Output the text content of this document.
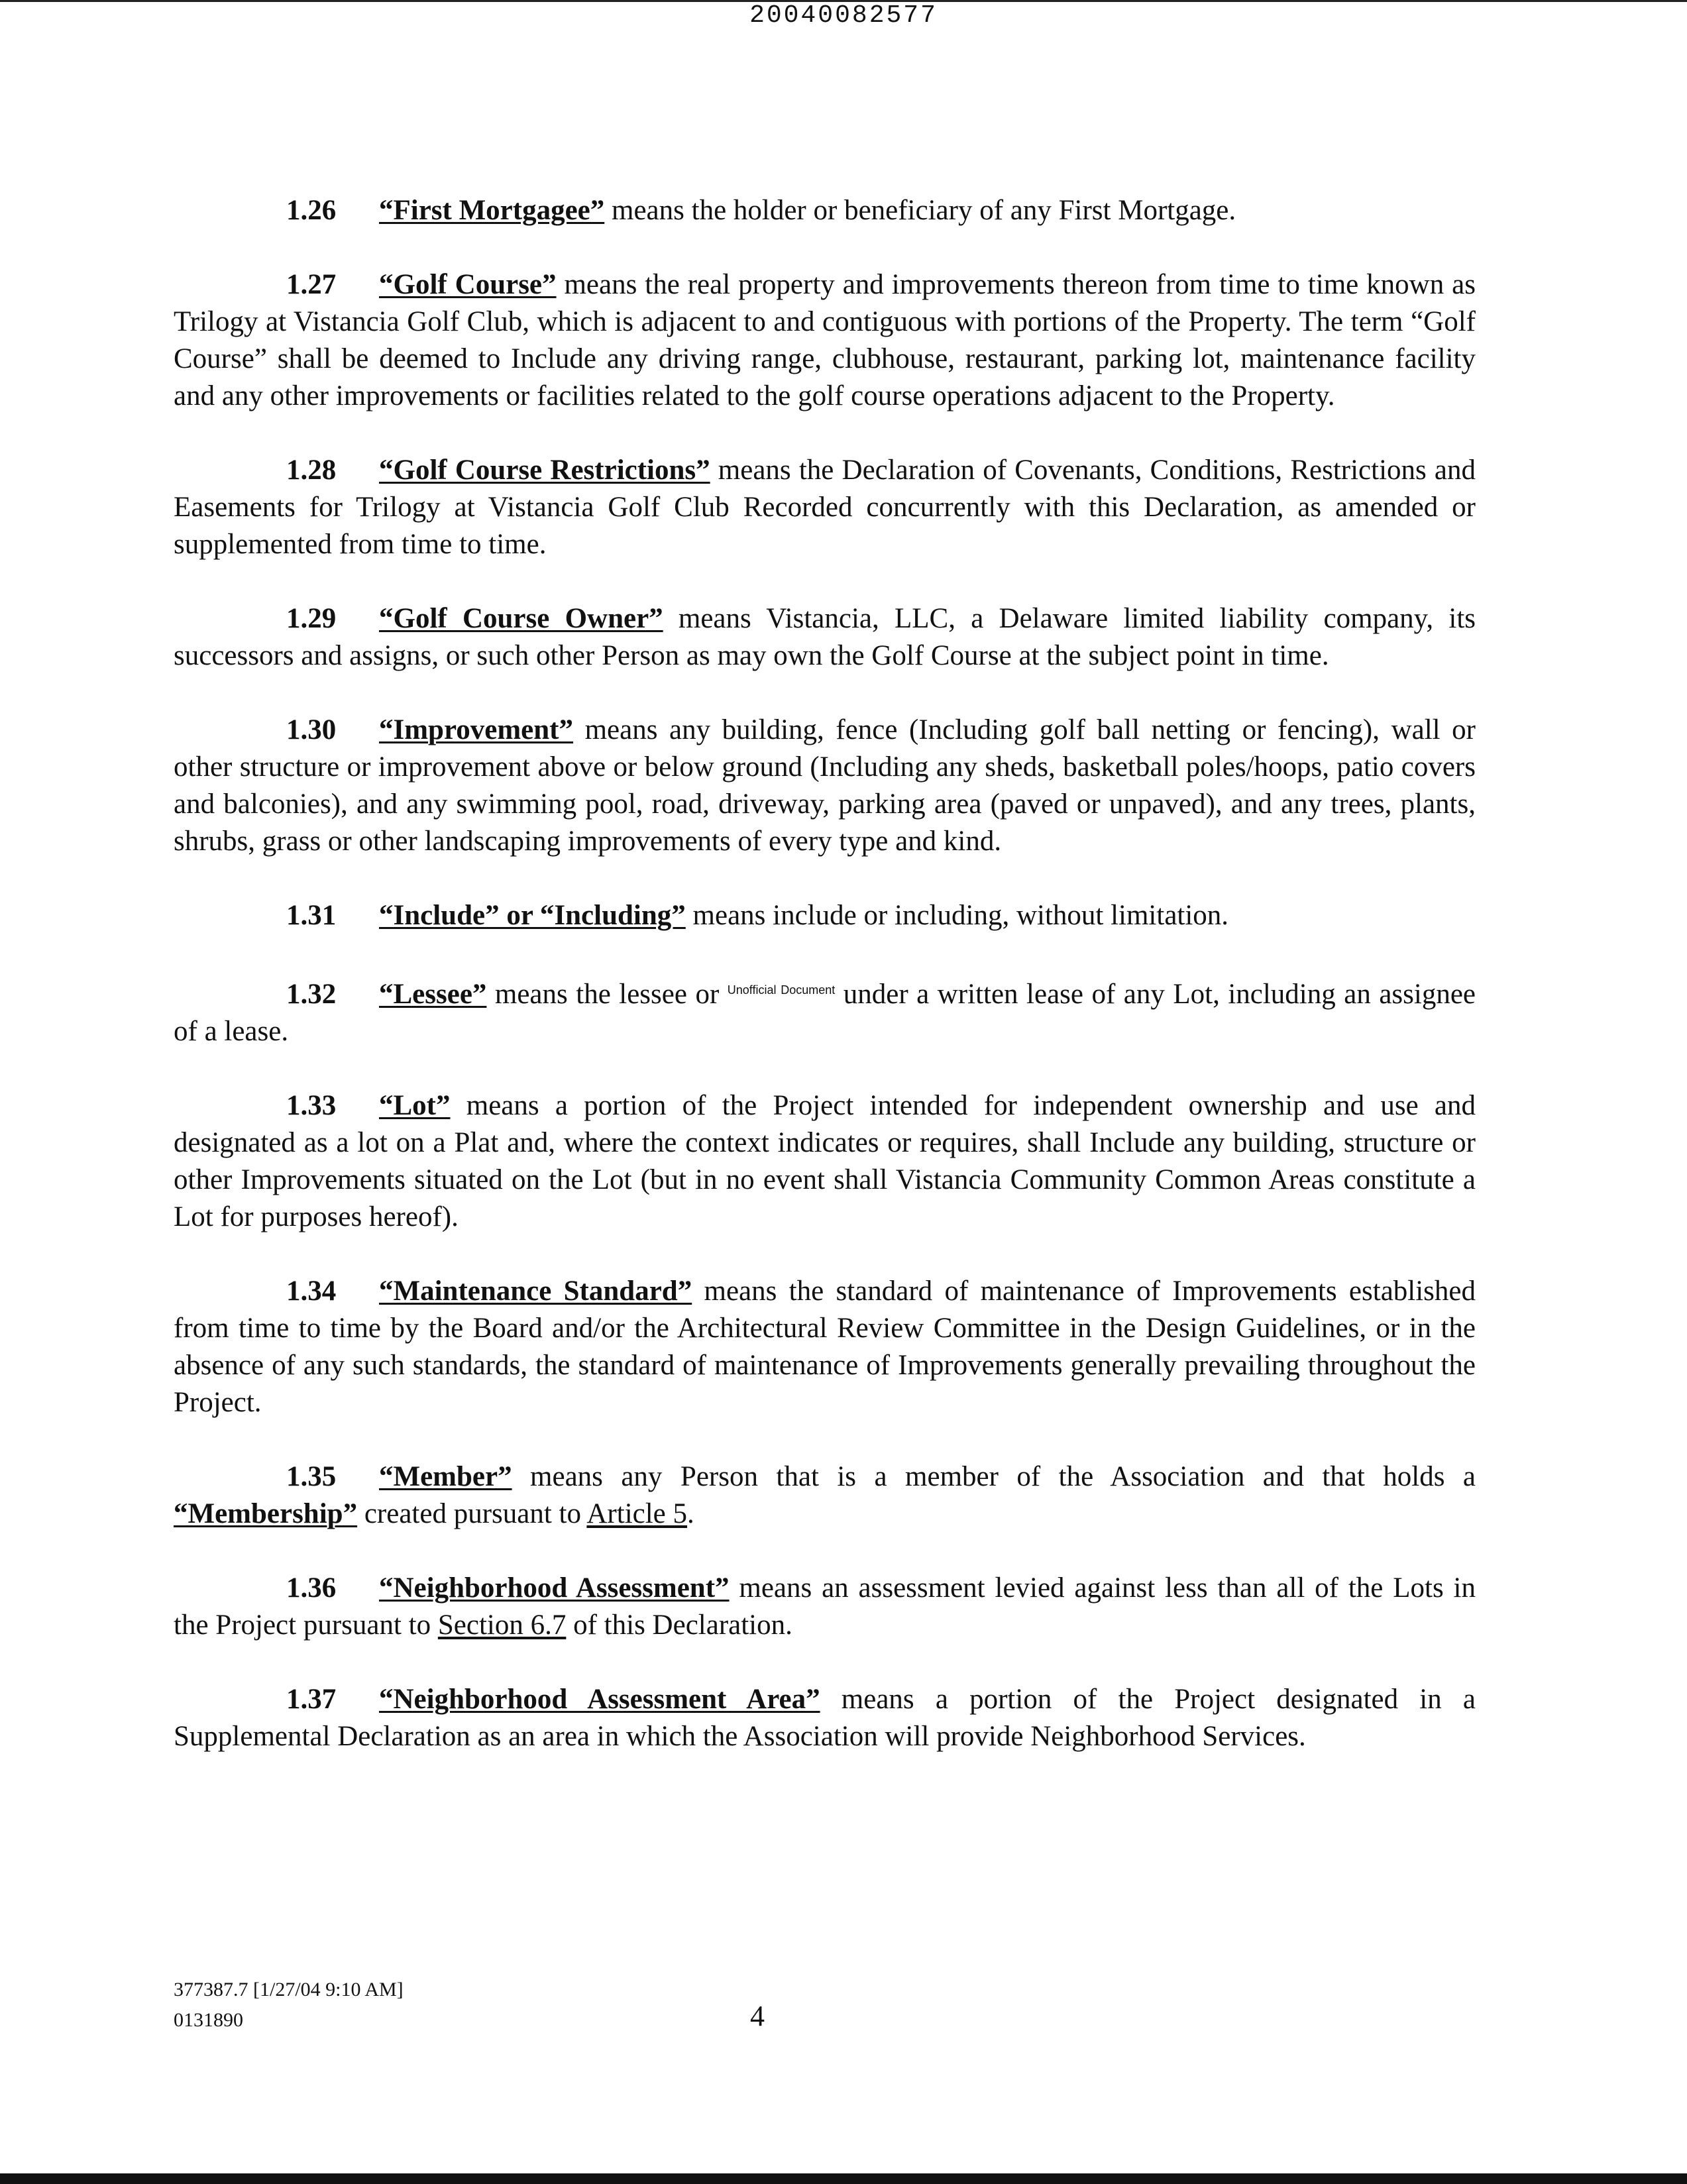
20040082577

1.26 “First Mortgagee” means the holder or beneficiary of any First Mortgage.

1.27 “Golf Course” means the real property and improvements thereon from time to time known as Trilogy at Vistancia Golf Club, which is adjacent to and contiguous with portions of the Property. The term “Golf Course” shall be deemed to Include any driving range, clubhouse, restaurant, parking lot, maintenance facility and any other improvements or facilities related to the golf course operations adjacent to the Property.

1.28 “Golf Course Restrictions” means the Declaration of Covenants, Conditions, Restrictions and Easements for Trilogy at Vistancia Golf Club Recorded concurrently with this Declaration, as amended or supplemented from time to time.

1.29 “Golf Course Owner” means Vistancia, LLC, a Delaware limited liability company, its successors and assigns, or such other Person as may own the Golf Course at the subject point in time.

1.30 “Improvement” means any building, fence (Including golf ball netting or fencing), wall or other structure or improvement above or below ground (Including any sheds, basketball poles/hoops, patio covers and balconies), and any swimming pool, road, driveway, parking area (paved or unpaved), and any trees, plants, shrubs, grass or other landscaping improvements of every type and kind.

1.31 “Include” or “Including” means include or including, without limitation.

1.32 “Lessee” means the lessee or $^{Unofficial Document}$ under a written lease of any Lot, including an assignee of a lease.

1.33 “Lot” means a portion of the Project intended for independent ownership and use and designated as a lot on a Plat and, where the context indicates or requires, shall Include any building, structure or other Improvements situated on the Lot (but in no event shall Vistancia Community Common Areas constitute a Lot for purposes hereof).

1.34 “Maintenance Standard” means the standard of maintenance of Improvements established from time to time by the Board and/or the Architectural Review Committee in the Design Guidelines, or in the absence of any such standards, the standard of maintenance of Improvements generally prevailing throughout the Project.

1.35 “Member” means any Person that is a member of the Association and that holds a “Membership” created pursuant to Article 5.

1.36 “Neighborhood Assessment” means an assessment levied against less than all of the Lots in the Project pursuant to Section 6.7 of this Declaration.

1.37 “Neighborhood Assessment Area” means a portion of the Project designated in a Supplemental Declaration as an area in which the Association will provide Neighborhood Services.

377387.7 [1/27/04 9:10 AM]
0131890	4
